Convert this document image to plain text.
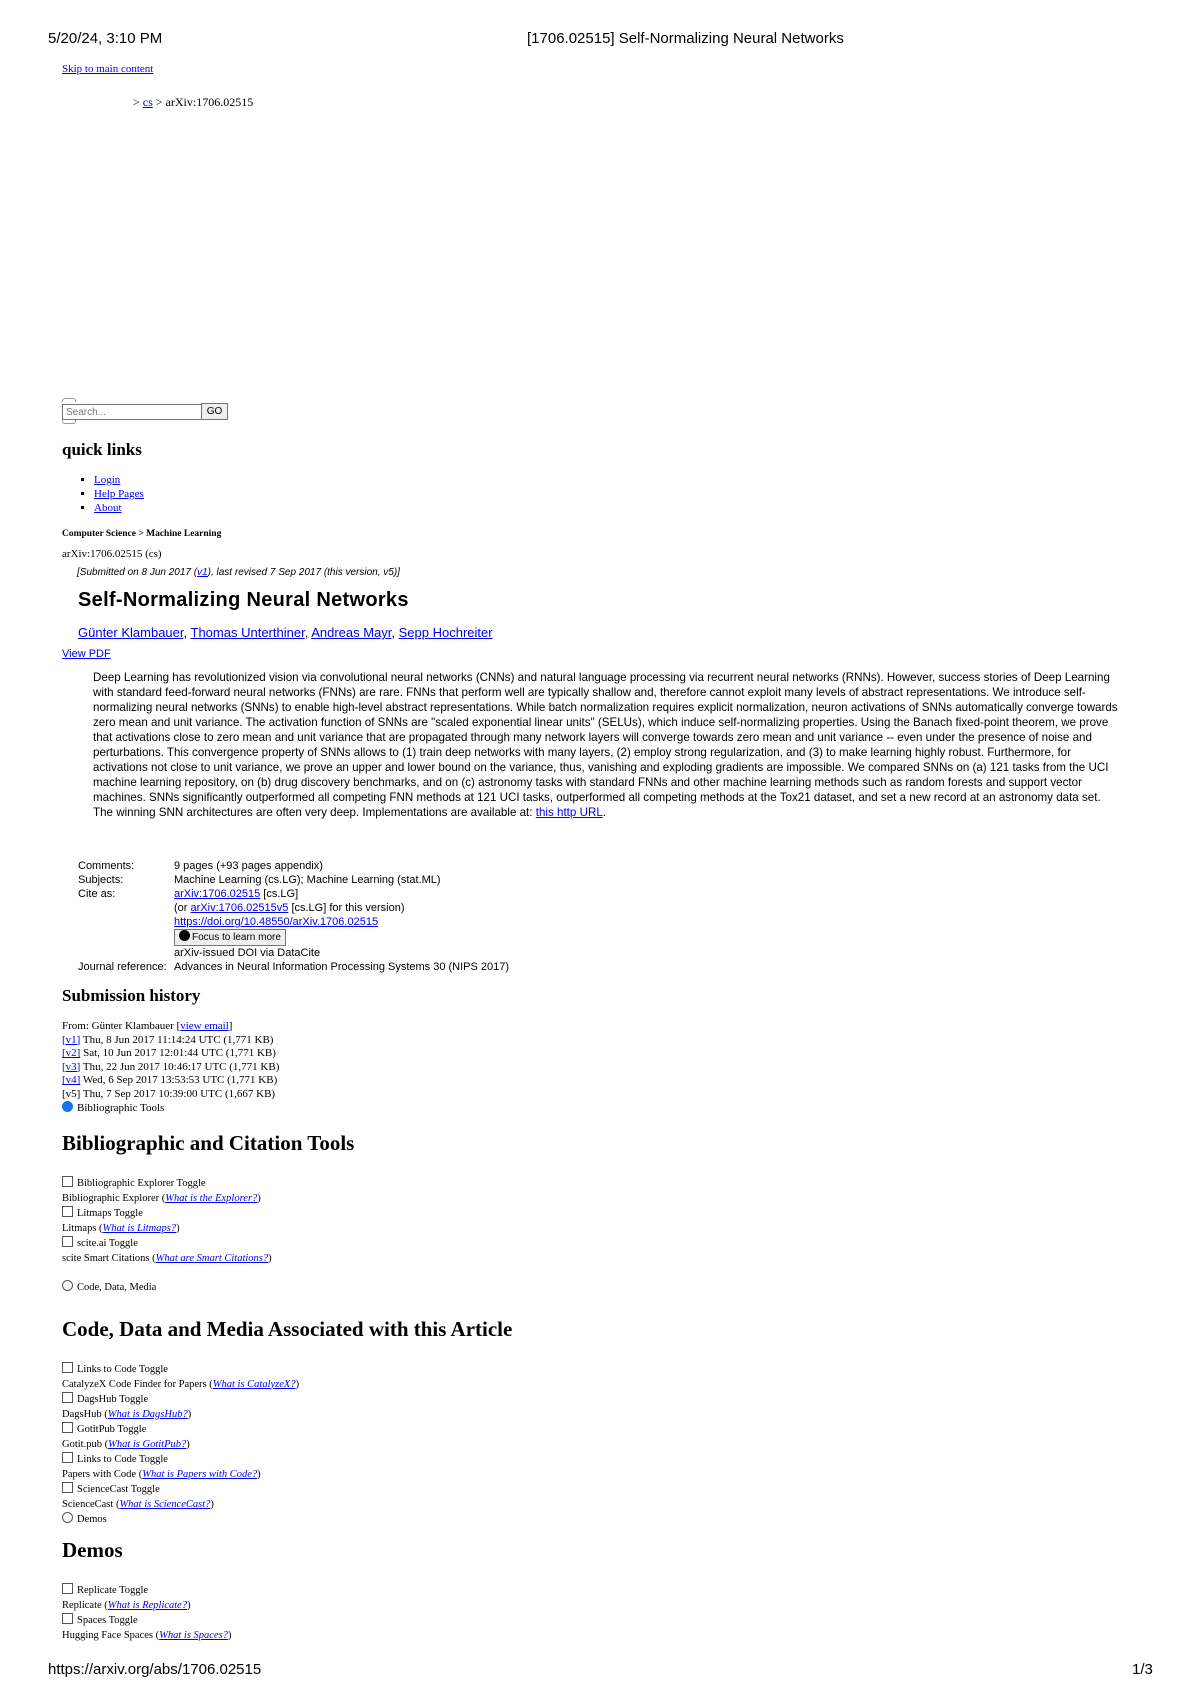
5/20/24, 3:10 PM	[1706.02515] Self-Normalizing Neural Networks
Skip to main content
> cs > arXiv:1706.02515
Search...
GO
quick links
▪ Login
▪ Help Pages
▪ About
Computer Science > Machine Learning
arXiv:1706.02515 (cs)
[Submitted on 8 Jun 2017 (v1), last revised 7 Sep 2017 (this version, v5)]
Self-Normalizing Neural Networks
Günter Klambauer, Thomas Unterthiner, Andreas Mayr, Sepp Hochreiter
View PDF
Deep Learning has revolutionized vision via convolutional neural networks (CNNs) and natural language processing via recurrent neural networks (RNNs). However, success stories of Deep Learning with standard feed-forward neural networks (FNNs) are rare. FNNs that perform well are typically shallow and, therefore cannot exploit many levels of abstract representations. We introduce self-normalizing neural networks (SNNs) to enable high-level abstract representations. While batch normalization requires explicit normalization, neuron activations of SNNs automatically converge towards zero mean and unit variance. The activation function of SNNs are "scaled exponential linear units" (SELUs), which induce self-normalizing properties. Using the Banach fixed-point theorem, we prove that activations close to zero mean and unit variance that are propagated through many network layers will converge towards zero mean and unit variance -- even under the presence of noise and perturbations. This convergence property of SNNs allows to (1) train deep networks with many layers, (2) employ strong regularization, and (3) to make learning highly robust. Furthermore, for activations not close to unit variance, we prove an upper and lower bound on the variance, thus, vanishing and exploding gradients are impossible. We compared SNNs on (a) 121 tasks from the UCI machine learning repository, on (b) drug discovery benchmarks, and on (c) astronomy tasks with standard FNNs and other machine learning methods such as random forests and support vector machines. SNNs significantly outperformed all competing FNN methods at 121 UCI tasks, outperformed all competing methods at the Tox21 dataset, and set a new record at an astronomy data set. The winning SNN architectures are often very deep. Implementations are available at: this http URL.
Comments:	9 pages (+93 pages appendix)
Subjects:	Machine Learning (cs.LG); Machine Learning (stat.ML)
Cite as:	arXiv:1706.02515 [cs.LG]
(or arXiv:1706.02515v5 [cs.LG] for this version)
https://doi.org/10.48550/arXiv.1706.02515
Focus to learn more
arXiv-issued DOI via DataCite
Journal reference:	Advances in Neural Information Processing Systems 30 (NIPS 2017)
Submission history
From: Günter Klambauer [view email]
[v1] Thu, 8 Jun 2017 11:14:24 UTC (1,771 KB)
[v2] Sat, 10 Jun 2017 12:01:44 UTC (1,771 KB)
[v3] Thu, 22 Jun 2017 10:46:17 UTC (1,771 KB)
[v4] Wed, 6 Sep 2017 13:53:53 UTC (1,771 KB)
[v5] Thu, 7 Sep 2017 10:39:00 UTC (1,667 KB)
Bibliographic Tools
Bibliographic and Citation Tools
Bibliographic Explorer Toggle
Bibliographic Explorer (What is the Explorer?)
Litmaps Toggle
Litmaps (What is Litmaps?)
scite.ai Toggle
scite Smart Citations (What are Smart Citations?)
Code, Data, Media
Code, Data and Media Associated with this Article
Links to Code Toggle
CatalyzeX Code Finder for Papers (What is CatalyzeX?)
DagsHub Toggle
DagsHub (What is DagsHub?)
GotitPub Toggle
Gotit.pub (What is GotitPub?)
Links to Code Toggle
Papers with Code (What is Papers with Code?)
ScienceCast Toggle
ScienceCast (What is ScienceCast?)
Demos
Demos
Replicate Toggle
Replicate (What is Replicate?)
Spaces Toggle
Hugging Face Spaces (What is Spaces?)
https://arxiv.org/abs/1706.02515	1/3
